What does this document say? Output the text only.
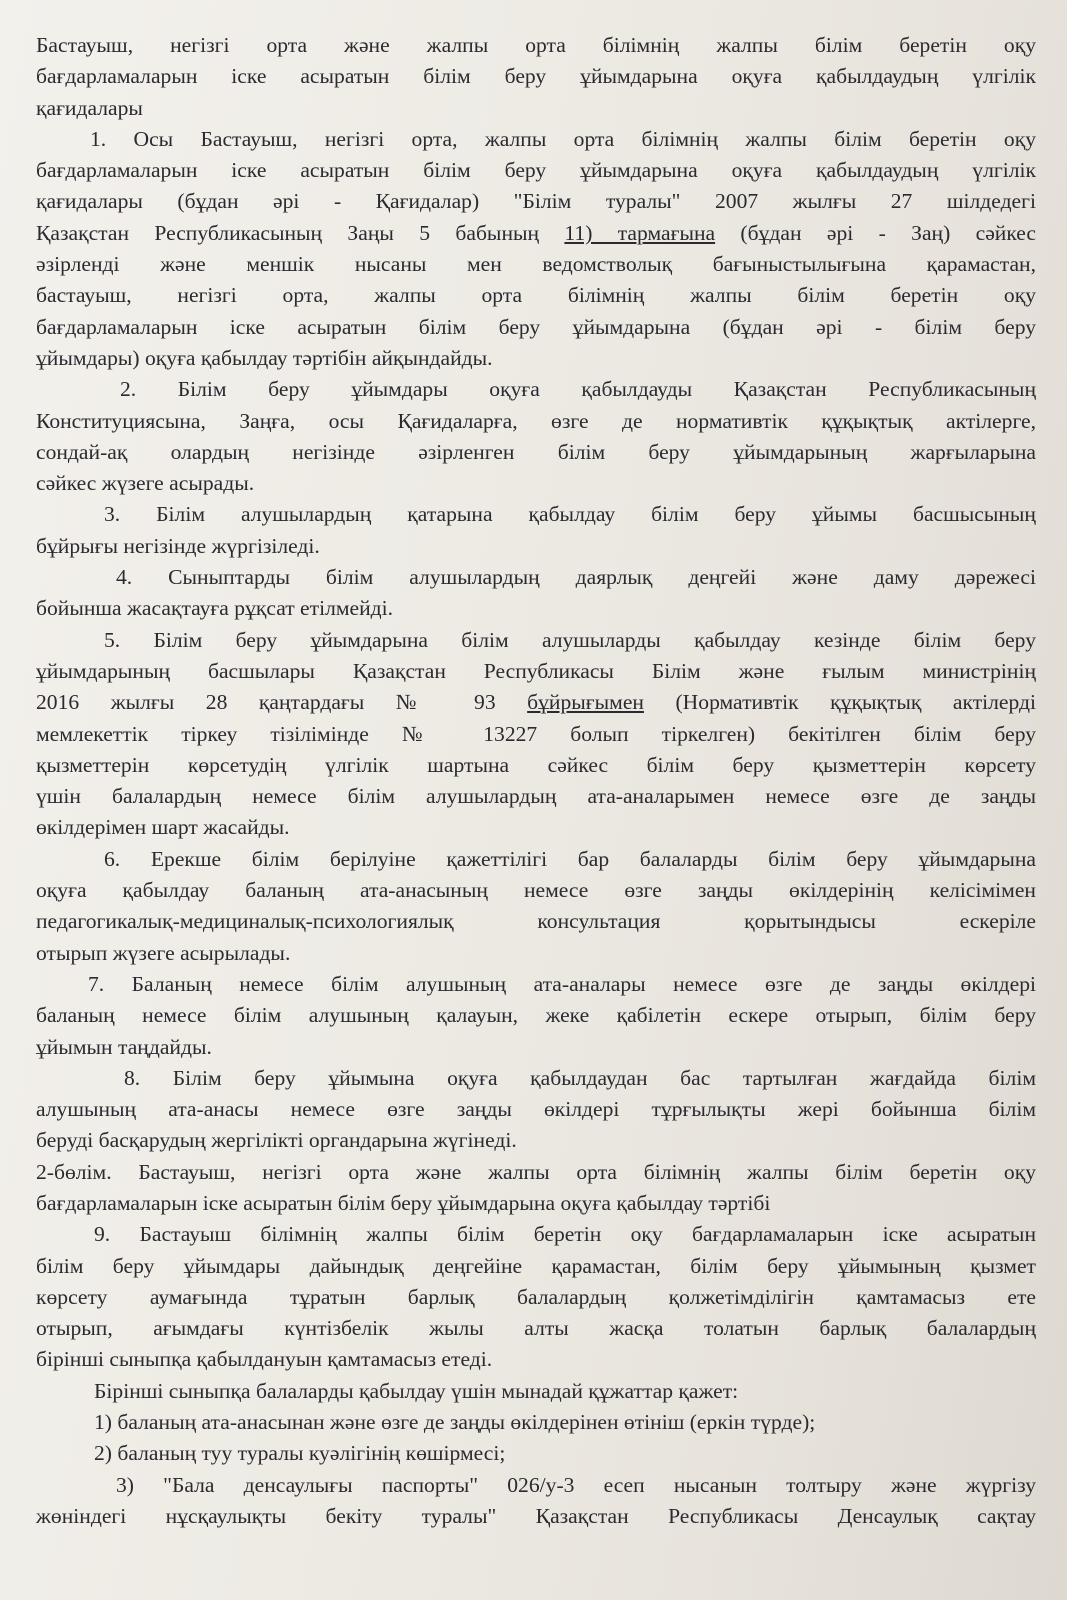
Бастауыш, негізгі орта және жалпы орта білімнің жалпы білім беретін оқу

бағдарламаларын іске асыратын білім беру ұйымдарына оқуға қабылдаудың үлгілік

қағидалары

1. Осы Бастауыш, негізгі орта, жалпы орта білімнің жалпы білім беретін оқу

бағдарламаларын іске асыратын білім беру ұйымдарына оқуға қабылдаудың үлгілік

қағидалары (бұдан әрі - Қағидалар) "Білім туралы" 2007 жылғы 27 шілдедегі

Қазақстан Республикасының Заңы 5 бабының 11) тармағына (бұдан әрі - Заң) сәйкес

әзірленді және меншік нысаны мен ведомстволық бағыныстылығына қарамастан,

бастауыш, негізгі орта, жалпы орта білімнің жалпы білім беретін оқу

бағдарламаларын іске асыратын білім беру ұйымдарына (бұдан әрі - білім беру

ұйымдары) оқуға қабылдау тәртібін айқындайды.

2. Білім беру ұйымдары оқуға қабылдауды Қазақстан Республикасының

Конституциясына, Заңға, осы Қағидаларға, өзге де нормативтік құқықтық актілерге,

сондай-ақ олардың негізінде әзірленген білім беру ұйымдарының жарғыларына

сәйкес жүзеге асырады.

3. Білім алушылардың қатарына қабылдау білім беру ұйымы басшысының

бұйрығы негізінде жүргізіледі.

4. Сыныптарды білім алушылардың даярлық деңгейі және даму дәрежесі

бойынша жасақтауға рұқсат етілмейді.

5. Білім беру ұйымдарына білім алушыларды қабылдау кезінде білім беру

ұйымдарының басшылары Қазақстан Республикасы Білім және ғылым министрінің

2016 жылғы 28 қаңтардағы № 93 бұйрығымен (Нормативтік құқықтық актілерді

мемлекеттік тіркеу тізілімінде № 13227 болып тіркелген) бекітілген білім беру

қызметтерін көрсетудің үлгілік шартына сәйкес білім беру қызметтерін көрсету

үшін балалардың немесе білім алушылардың ата-аналарымен немесе өзге де заңды

өкілдерімен шарт жасайды.

6. Ерекше білім берілуіне қажеттілігі бар балаларды білім беру ұйымдарына

оқуға қабылдау баланың ата-анасының немесе өзге заңды өкілдерінің келісімімен

педагогикалық-медициналық-психологиялық консультация қорытындысы ескеріле

отырып жүзеге асырылады.

7. Баланың немесе білім алушының ата-аналары немесе өзге де заңды өкілдері

баланың немесе білім алушының қалауын, жеке қабілетін ескере отырып, білім беру

ұйымын таңдайды.

8. Білім беру ұйымына оқуға қабылдаудан бас тартылған жағдайда білім

алушының ата-анасы немесе өзге заңды өкілдері тұрғылықты жері бойынша білім

беруді басқарудың жергілікті органдарына жүгінеді.

2-бөлім. Бастауыш, негізгі орта және жалпы орта білімнің жалпы білім беретін оқу

бағдарламаларын іске асыратын білім беру ұйымдарына оқуға қабылдау тәртібі

9. Бастауыш білімнің жалпы білім беретін оқу бағдарламаларын іске асыратын

білім беру ұйымдары дайындық деңгейіне қарамастан, білім беру ұйымының қызмет

көрсету аумағында тұратын барлық балалардың қолжетімділігін қамтамасыз ете

отырып, ағымдағы күнтізбелік жылы алты жасқа толатын барлық балалардың

бірінші сыныпқа қабылдануын қамтамасыз етеді.

Бірінші сыныпқа балаларды қабылдау үшін мынадай құжаттар қажет:

1) баланың ата-анасынан және өзге де заңды өкілдерінен өтініш (еркін түрде);

2) баланың туу туралы куәлігінің көшірмесі;

3) "Бала денсаулығы паспорты" 026/у-3 есеп нысанын толтыру және жүргізу

жөніндегі нұсқаулықты бекіту туралы" Қазақстан Республикасы Денсаулық сақтау
